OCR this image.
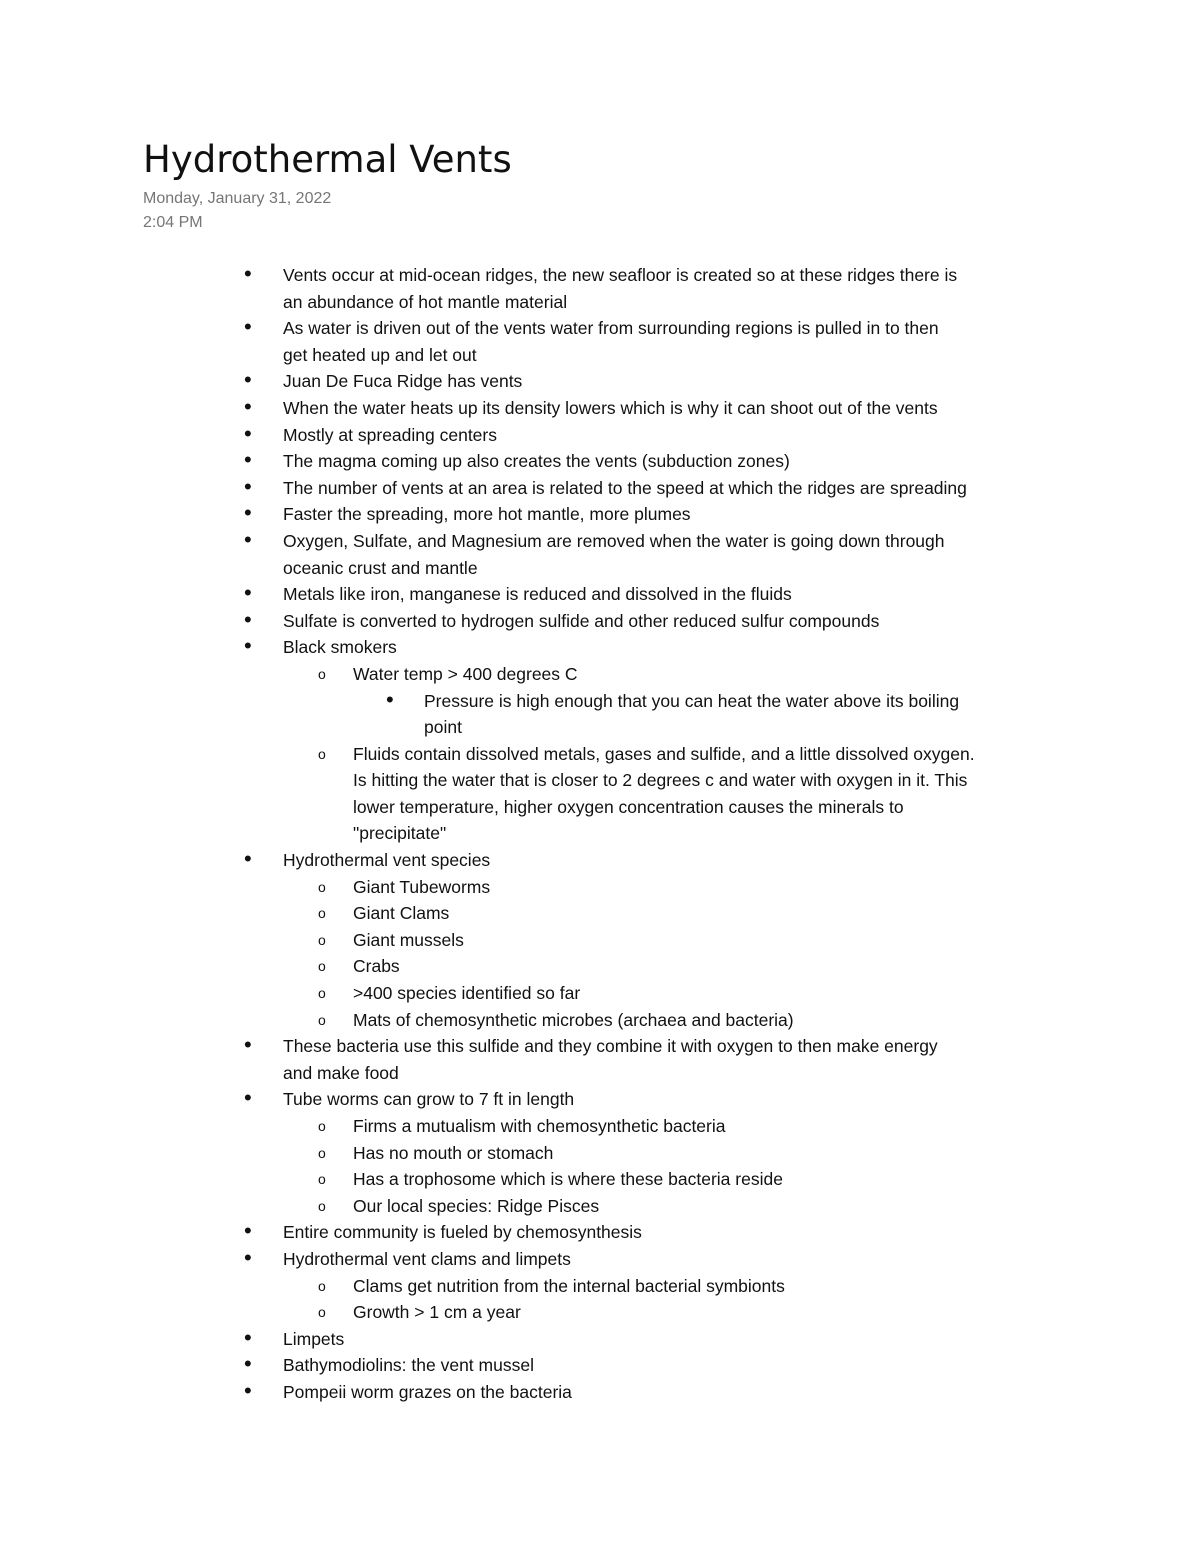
Hydrothermal Vents
Monday, January 31, 2022
2:04 PM
• Vents occur at mid-ocean ridges, the new seafloor is created so at these ridges there is
an abundance of hot mantle material
• As water is driven out of the vents water from surrounding regions is pulled in to then
get heated up and let out
• Juan De Fuca Ridge has vents
• When the water heats up its density lowers which is why it can shoot out of the vents
• Mostly at spreading centers
• The magma coming up also creates the vents (subduction zones)
• The number of vents at an area is related to the speed at which the ridges are spreading
• Faster the spreading, more hot mantle, more plumes
• Oxygen, Sulfate, and Magnesium are removed when the water is going down through
oceanic crust and mantle
• Metals like iron, manganese is reduced and dissolved in the fluids
• Sulfate is converted to hydrogen sulfide and other reduced sulfur compounds
• Black smokers
o Water temp > 400 degrees C
• Pressure is high enough that you can heat the water above its boiling
point
o Fluids contain dissolved metals, gases and sulfide, and a little dissolved oxygen.
Is hitting the water that is closer to 2 degrees c and water with oxygen in it. This
lower temperature, higher oxygen concentration causes the minerals to
"precipitate"
• Hydrothermal vent species
o Giant Tubeworms
o Giant Clams
o Giant mussels
o Crabs
o >400 species identified so far
o Mats of chemosynthetic microbes (archaea and bacteria)
• These bacteria use this sulfide and they combine it with oxygen to then make energy
and make food
• Tube worms can grow to 7 ft in length
o Firms a mutualism with chemosynthetic bacteria
o Has no mouth or stomach
o Has a trophosome which is where these bacteria reside
o Our local species: Ridge Pisces
• Entire community is fueled by chemosynthesis
• Hydrothermal vent clams and limpets
o Clams get nutrition from the internal bacterial symbionts
o Growth > 1 cm a year
• Limpets
• Bathymodiolins: the vent mussel
• Pompeii worm grazes on the bacteria
